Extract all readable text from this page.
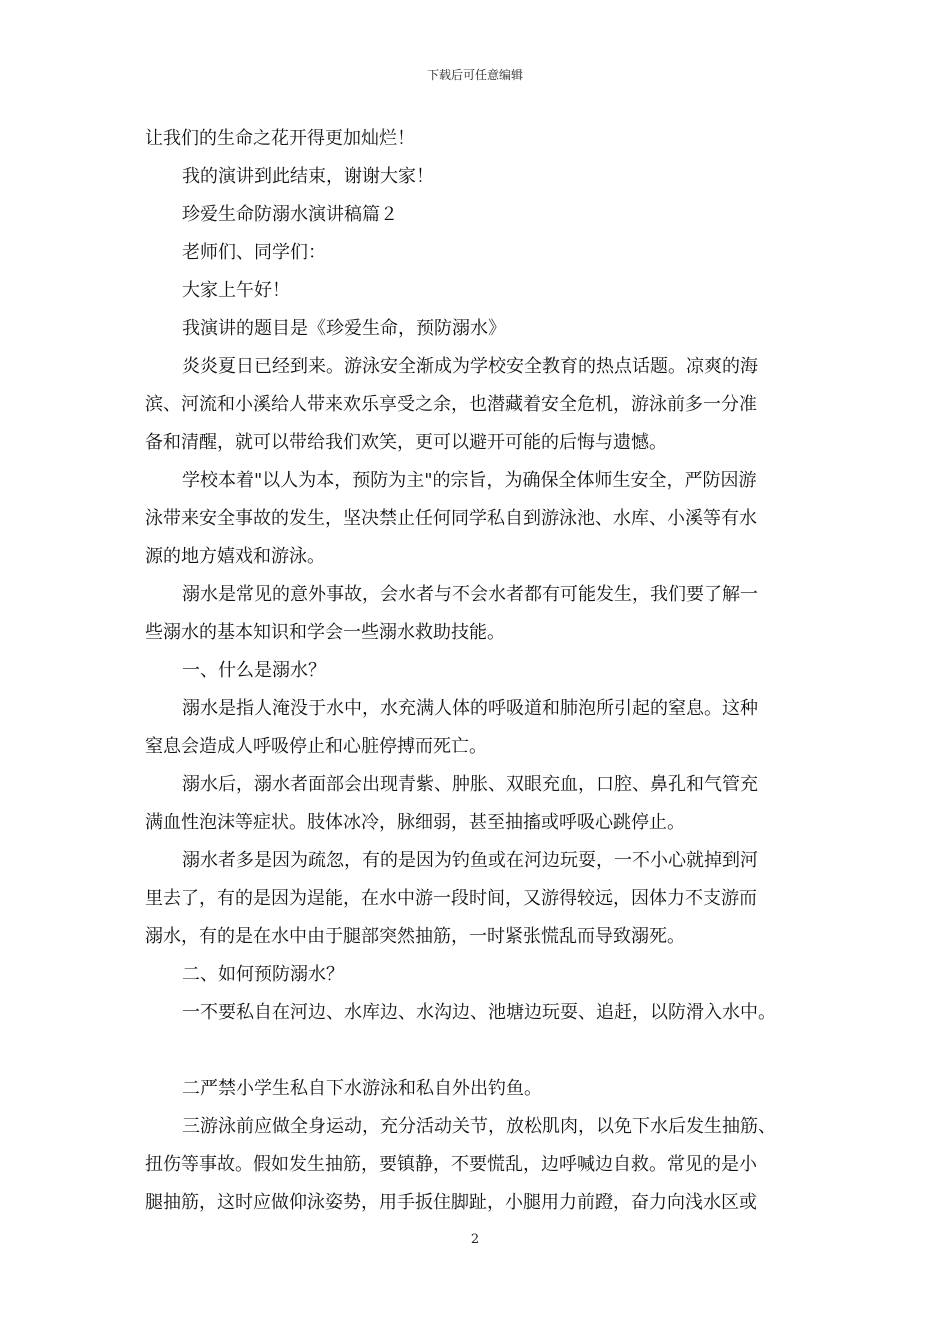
下载后可任意编辑
让我们的生命之花开得更加灿烂！
我的演讲到此结束，谢谢大家！
珍爱生命防溺水演讲稿篇２
老师们、同学们：
大家上午好！
我演讲的题目是《珍爱生命，预防溺水》
炎炎夏日已经到来。游泳安全渐成为学校安全教育的热点话题。凉爽的海
滨、河流和小溪给人带来欢乐享受之余，也潜藏着安全危机，游泳前多一分准
备和清醒，就可以带给我们欢笑，更可以避开可能的后悔与遗憾。
学校本着"以人为本，预防为主"的宗旨，为确保全体师生安全，严防因游
泳带来安全事故的发生，坚决禁止任何同学私自到游泳池、水库、小溪等有水
源的地方嬉戏和游泳。
溺水是常见的意外事故，会水者与不会水者都有可能发生，我们要了解一
些溺水的基本知识和学会一些溺水救助技能。
一、什么是溺水？
溺水是指人淹没于水中，水充满人体的呼吸道和肺泡所引起的窒息。这种
窒息会造成人呼吸停止和心脏停搏而死亡。
溺水后，溺水者面部会出现青紫、肿胀、双眼充血，口腔、鼻孔和气管充
满血性泡沫等症状。肢体冰冷，脉细弱，甚至抽搐或呼吸心跳停止。
溺水者多是因为疏忽，有的是因为钓鱼或在河边玩耍，一不小心就掉到河
里去了，有的是因为逞能，在水中游一段时间，又游得较远，因体力不支游而
溺水，有的是在水中由于腿部突然抽筋，一时紧张慌乱而导致溺死。
二、如何预防溺水？
一不要私自在河边、水库边、水沟边、池塘边玩耍、追赶，以防滑入水中。
二严禁小学生私自下水游泳和私自外出钓鱼。
三游泳前应做全身运动，充分活动关节，放松肌肉，以免下水后发生抽筋、
扭伤等事故。假如发生抽筋，要镇静，不要慌乱，边呼喊边自救。常见的是小
腿抽筋，这时应做仰泳姿势，用手扳住脚趾，小腿用力前蹬，奋力向浅水区或
2
